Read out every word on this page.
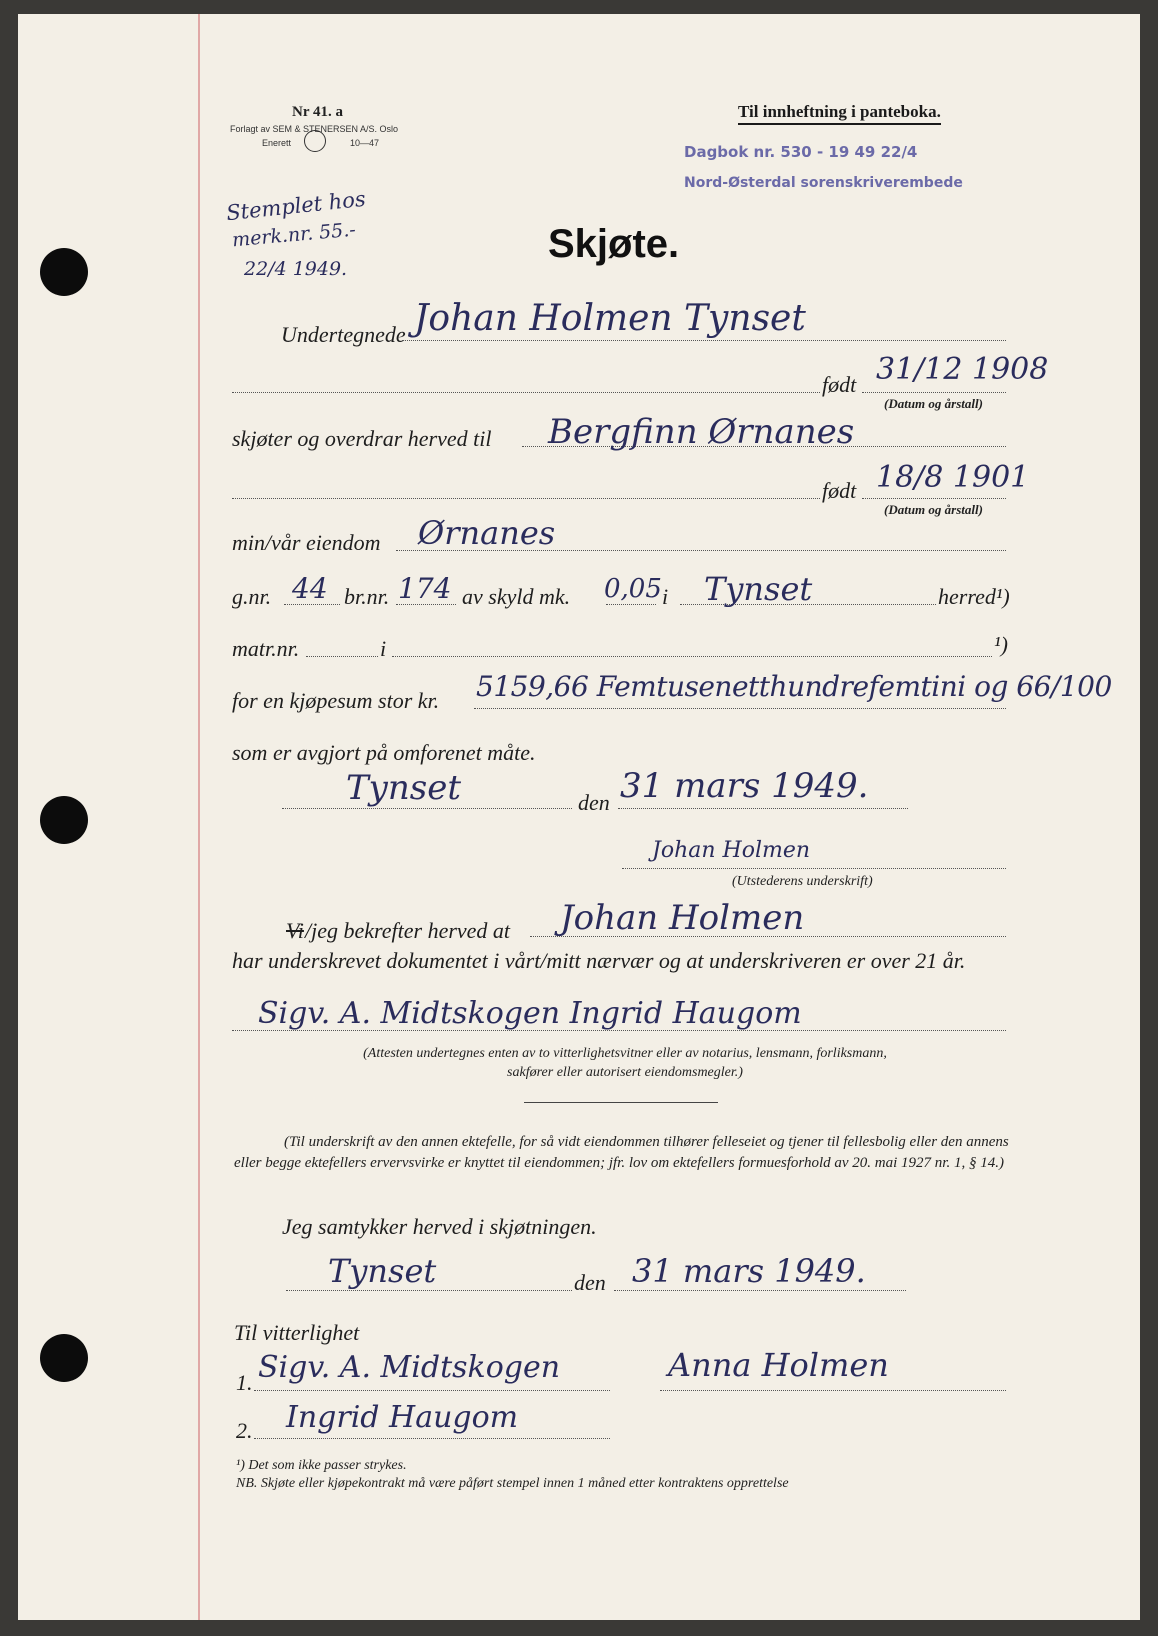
Nr 41. a
Forlagt av SEM & STENERSEN A/S. Oslo
Enerett	10—47
Til innheftning i panteboka.
Dagbok nr. 530 - 19 49 22/4
Nord-Østerdal sorenskriverembede
Stemplet hos
merk.nr. 55.-
22/4 1949.
Skjøte.
Undertegnede Johan Holmen Tynset
født 31/12 1908
(Datum og årstall)
skjøter og overdrar herved til Bergfinn Ørnanes
født 18/8 1901
(Datum og årstall)
min/vår eiendom Ørnanes
g.nr. 44 br.nr. 174 av skyld mk. 0,05 i Tynset	herred¹)
matr.nr.	i	¹)
for en kjøpesum stor kr. 5159,66 Femtusenetthundrefemtini og 66/100
som er avgjort på omforenet måte.
Tynset	den 31 mars 1949.
Johan Holmen
(Utstederens underskrift)
Vi /jeg bekrefter herved at Johan Holmen
har underskrevet dokumentet i vårt/mitt nærvær og at underskriveren er over 21 år.
Sigv. A. Midtskogen Ingrid Haugom
(Attesten undertegnes enten av to vitterlighetsvitner eller av notarius, lensmann, forliksmann, sakfører eller autorisert eiendomsmegler.)
(Til underskrift av den annen ektefelle, for så vidt eiendommen tilhører felleseiet og tjener til fellesbolig eller den annens eller begge ektefellers ervervsvirke er knyttet til eiendommen; jfr. lov om ektefellers formuesforhold av 20. mai 1927 nr. 1, § 14.)
Jeg samtykker herved i skjøtningen.
Tynset	den 31 mars 1949.
Til vitterlighet
1. Sigv. A. Midtskogen	Anna Holmen
2. Ingrid Haugom
¹) Det som ikke passer strykes.
NB. Skjøte eller kjøpekontrakt må være påført stempel innen 1 måned etter kontraktens opprettelse
